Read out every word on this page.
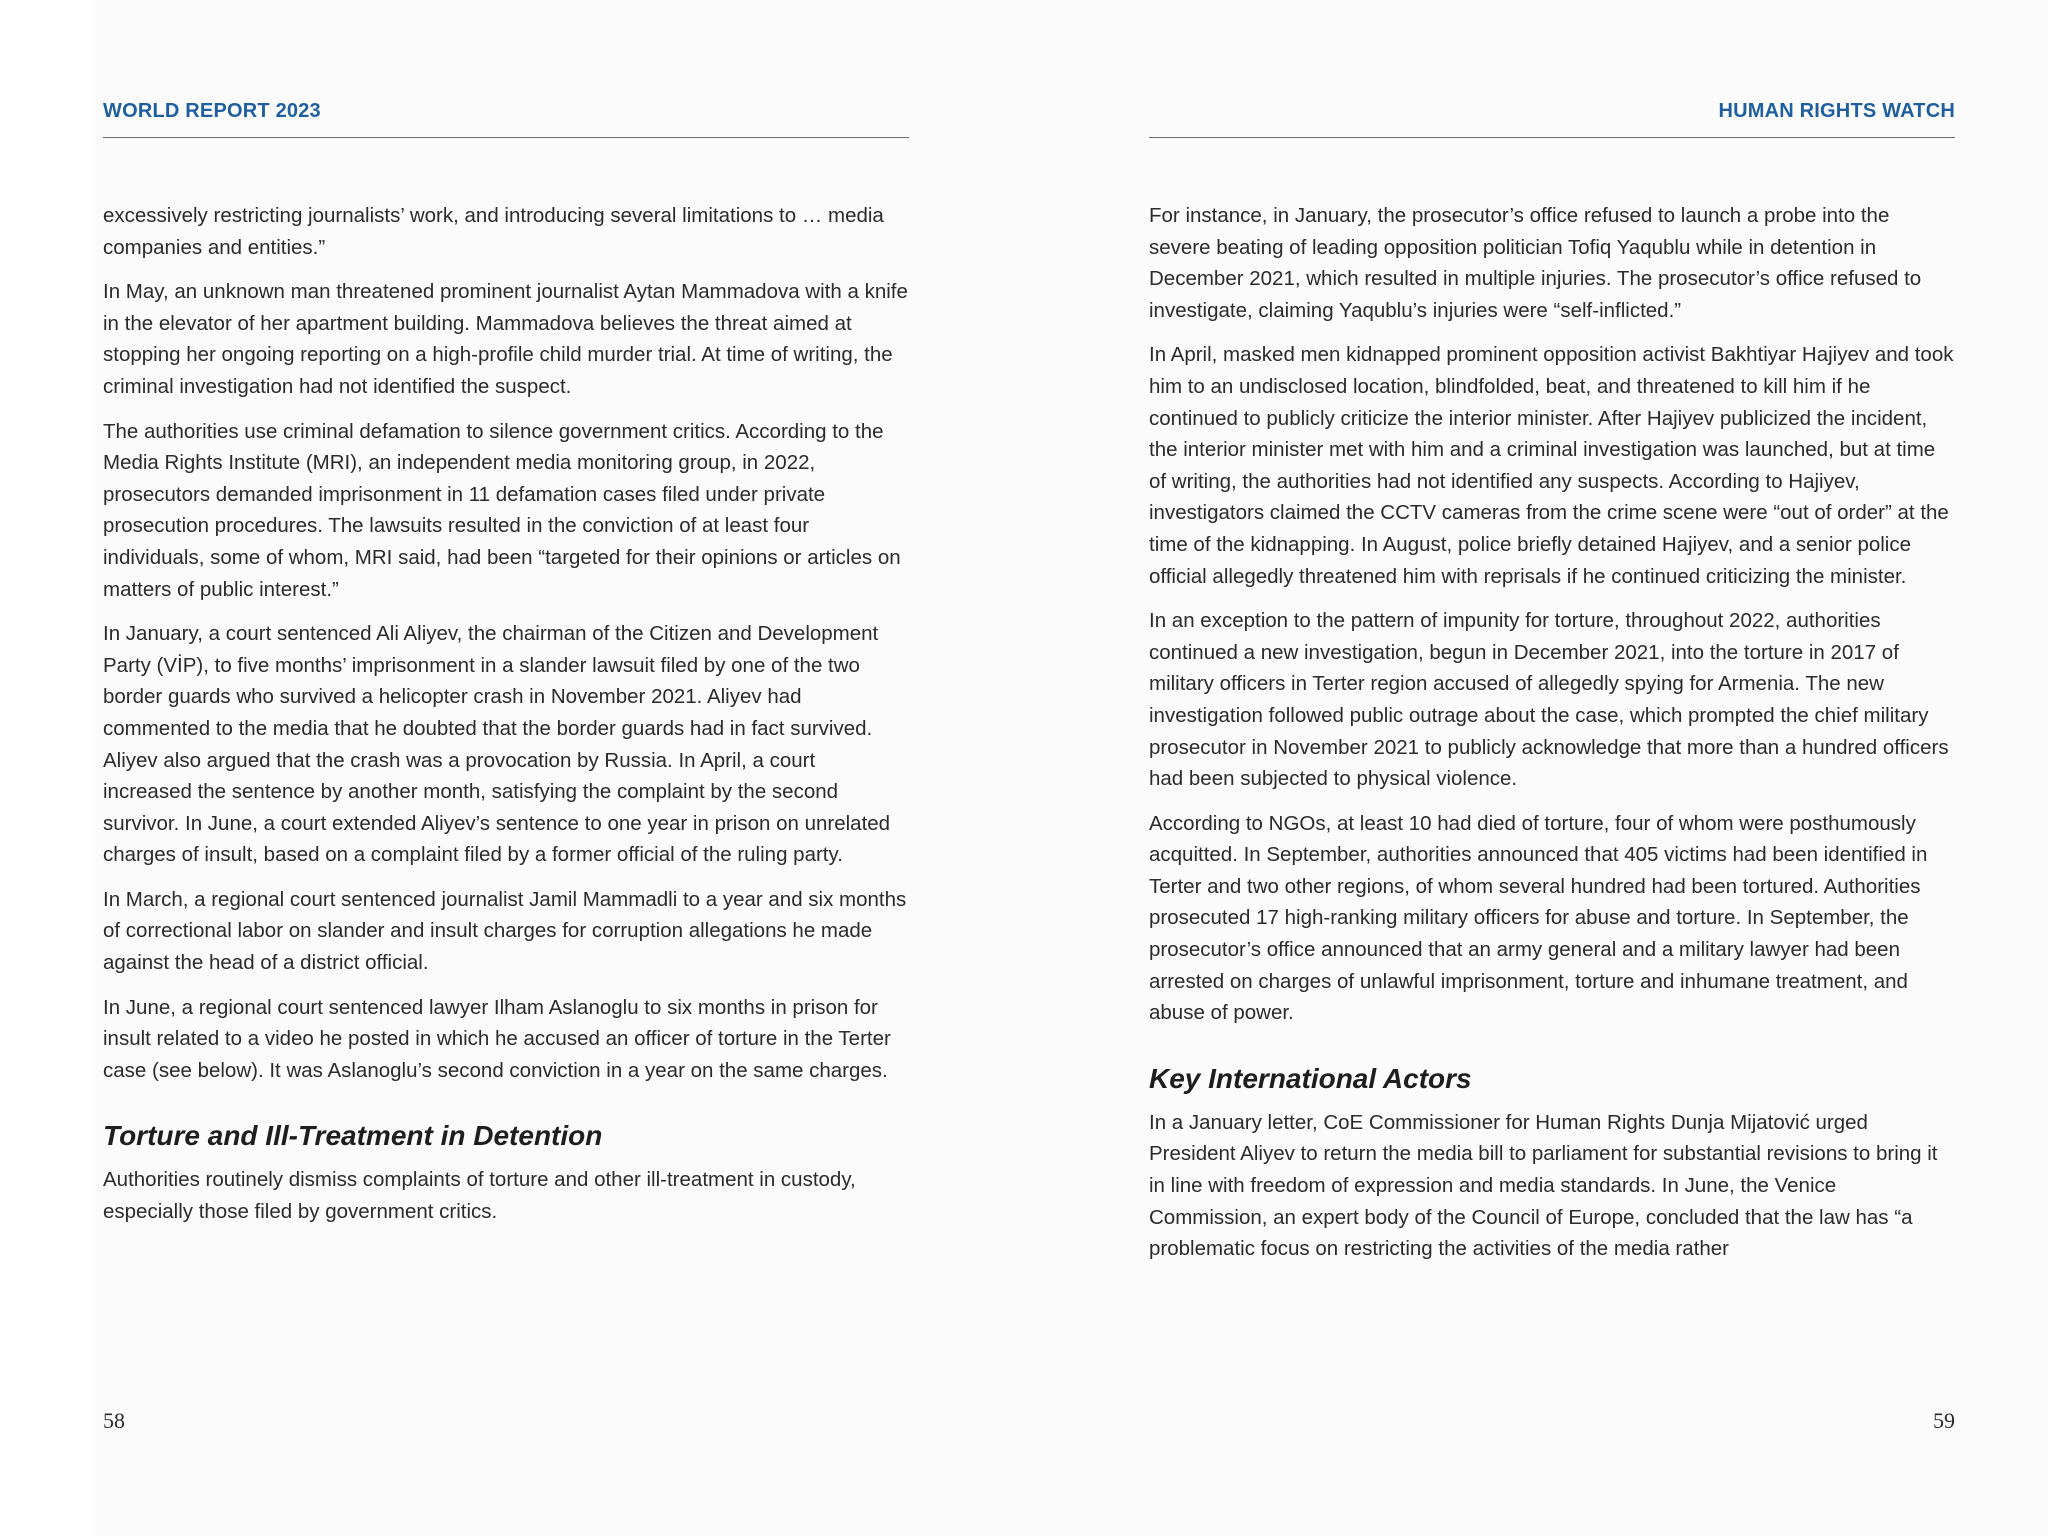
WORLD REPORT 2023

excessively restricting journalists’ work, and introducing several limitations to … media companies and entities.”

In May, an unknown man threatened prominent journalist Aytan Mammadova with a knife in the elevator of her apartment building. Mammadova believes the threat aimed at stopping her ongoing reporting on a high-profile child murder trial. At time of writing, the criminal investigation had not identified the suspect.

The authorities use criminal defamation to silence government critics. According to the Media Rights Institute (MRI), an independent media monitoring group, in 2022, prosecutors demanded imprisonment in 11 defamation cases filed under private prosecution procedures. The lawsuits resulted in the conviction of at least four individuals, some of whom, MRI said, had been “targeted for their opinions or articles on matters of public interest.”

In January, a court sentenced Ali Aliyev, the chairman of the Citizen and Development Party (VİP), to five months’ imprisonment in a slander lawsuit filed by one of the two border guards who survived a helicopter crash in November 2021. Aliyev had commented to the media that he doubted that the border guards had in fact survived. Aliyev also argued that the crash was a provocation by Russia. In April, a court increased the sentence by another month, satisfying the complaint by the second survivor. In June, a court extended Aliyev’s sentence to one year in prison on unrelated charges of insult, based on a complaint filed by a former official of the ruling party.

In March, a regional court sentenced journalist Jamil Mammadli to a year and six months of correctional labor on slander and insult charges for corruption allegations he made against the head of a district official.

In June, a regional court sentenced lawyer Ilham Aslanoglu to six months in prison for insult related to a video he posted in which he accused an officer of torture in the Terter case (see below). It was Aslanoglu’s second conviction in a year on the same charges.

Torture and Ill-Treatment in Detention

Authorities routinely dismiss complaints of torture and other ill-treatment in custody, especially those filed by government critics.

58
HUMAN RIGHTS WATCH

For instance, in January, the prosecutor’s office refused to launch a probe into the severe beating of leading opposition politician Tofiq Yaqublu while in detention in December 2021, which resulted in multiple injuries. The prosecutor’s office refused to investigate, claiming Yaqublu’s injuries were “self-inflicted.”

In April, masked men kidnapped prominent opposition activist Bakhtiyar Hajiyev and took him to an undisclosed location, blindfolded, beat, and threatened to kill him if he continued to publicly criticize the interior minister. After Hajiyev publicized the incident, the interior minister met with him and a criminal investigation was launched, but at time of writing, the authorities had not identified any suspects. According to Hajiyev, investigators claimed the CCTV cameras from the crime scene were “out of order” at the time of the kidnapping. In August, police briefly detained Hajiyev, and a senior police official allegedly threatened him with reprisals if he continued criticizing the minister.

In an exception to the pattern of impunity for torture, throughout 2022, authorities continued a new investigation, begun in December 2021, into the torture in 2017 of military officers in Terter region accused of allegedly spying for Armenia. The new investigation followed public outrage about the case, which prompted the chief military prosecutor in November 2021 to publicly acknowledge that more than a hundred officers had been subjected to physical violence.

According to NGOs, at least 10 had died of torture, four of whom were posthumously acquitted. In September, authorities announced that 405 victims had been identified in Terter and two other regions, of whom several hundred had been tortured. Authorities prosecuted 17 high-ranking military officers for abuse and torture. In September, the prosecutor’s office announced that an army general and a military lawyer had been arrested on charges of unlawful imprisonment, torture and inhumane treatment, and abuse of power.

Key International Actors

In a January letter, CoE Commissioner for Human Rights Dunja Mijatović urged President Aliyev to return the media bill to parliament for substantial revisions to bring it in line with freedom of expression and media standards. In June, the Venice Commission, an expert body of the Council of Europe, concluded that the law has “a problematic focus on restricting the activities of the media rather

59
